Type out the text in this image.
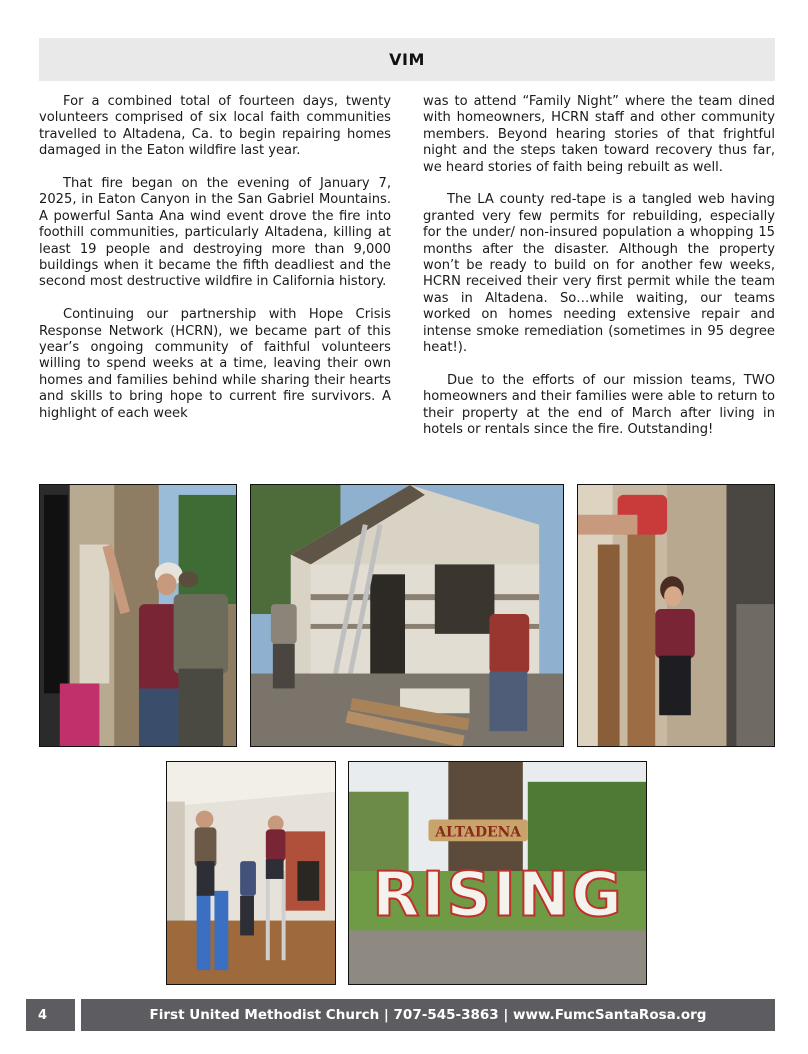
VIM

For a combined total of fourteen days, twenty volunteers comprised of six local faith communities travelled to Altadena, Ca. to begin repairing homes damaged in the Eaton wildfire last year.

That fire began on the evening of January 7, 2025, in Eaton Canyon in the San Gabriel Mountains. A powerful Santa Ana wind event drove the fire into foothill communities, particularly Altadena, killing at least 19 people and destroying more than 9,000 buildings when it became the fifth deadliest and the second most destructive wildfire in California history.

Continuing our partnership with Hope Crisis Response Network (HCRN), we became part of this year’s ongoing community of faithful volunteers willing to spend weeks at a time, leaving their own homes and families behind while sharing their hearts and skills to bring hope to current fire survivors. A highlight of each week

was to attend “Family Night” where the team dined with homeowners, HCRN staff and other community members. Beyond hearing stories of that frightful night and the steps taken toward recovery thus far, we heard stories of faith being rebuilt as well.

The LA county red-tape is a tangled web having granted very few permits for rebuilding, especially for the under/ non-insured population a whopping 15 months after the disaster. Although the property won’t be ready to build on for another few weeks, HCRN received their very first permit while the team was in Altadena. So…while waiting, our teams worked on homes needing extensive repair and intense smoke remediation (sometimes in 95 degree heat!).

Due to the efforts of our mission teams, TWO homeowners and their families were able to return to their property at the end of March after living in hotels or rentals since the fire. Outstanding!

ALTADENA
RISING
4	First United Methodist Church | 707-545-3863 | www.FumcSantaRosa.org
